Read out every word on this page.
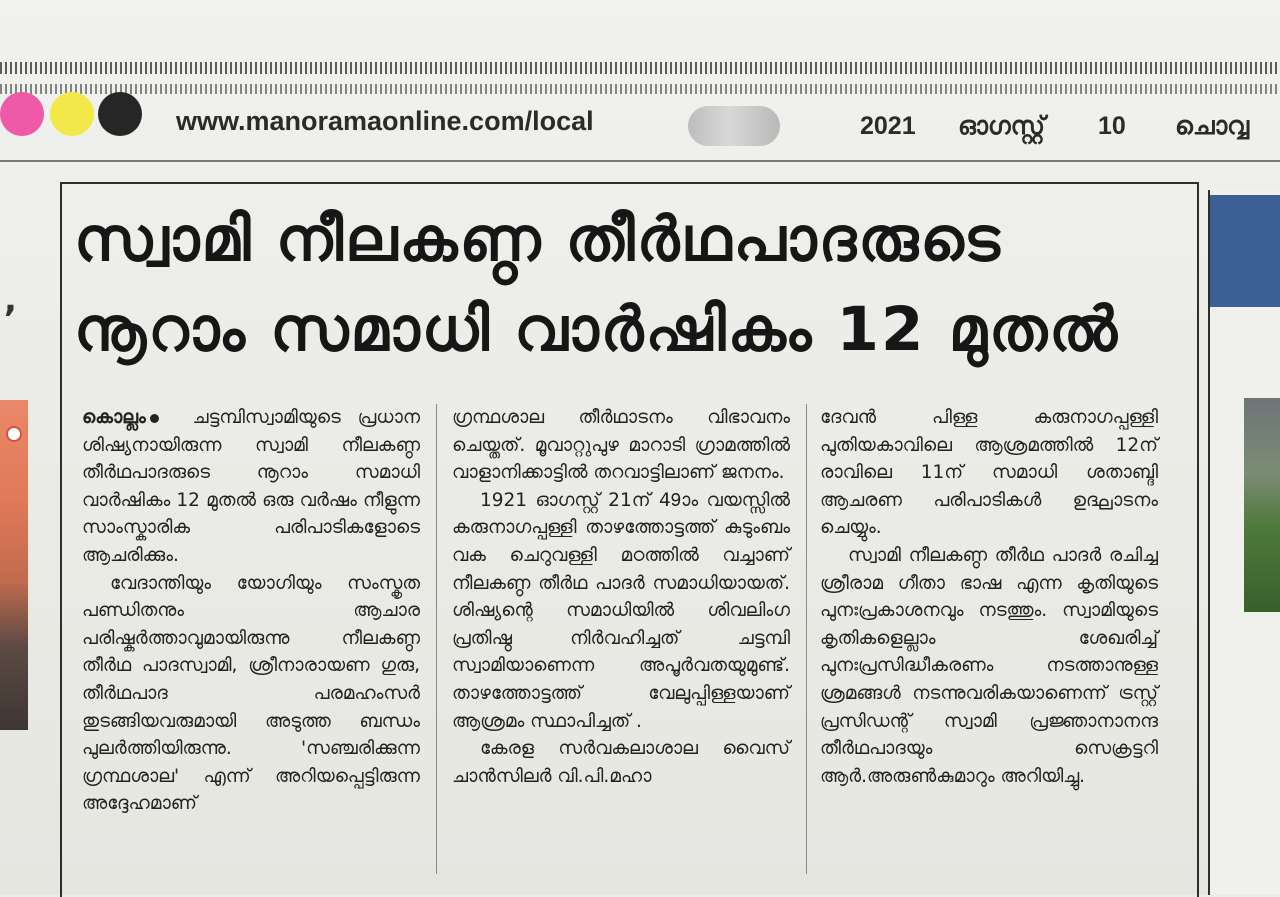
www.manoramaonline.com/local	2021 ഓഗസ്റ്റ് 10 ചൊവ്വ
,
സ്വാമി നീലകണ്ഠ തീർഥപാദരുടെ
നൂറാം സമാധി വാർഷികം 12 മുതൽ

കൊല്ലം	ചട്ടമ്പിസ്വാമിയുടെ പ്രധാന ശിഷ്യനായിരുന്ന സ്വാമി നീലകണ്ഠ തീർഥപാദരുടെ നൂറാം സമാധി വാർഷികം 12 മുതൽ ഒരു വർഷം നീളുന്ന സാംസ്കാരിക പരിപാടികളോടെ ആചരിക്കും.

വേദാന്തിയും യോഗിയും സംസ്കൃത പണ്ഡിതനും ആചാര പരിഷ്കർത്താവുമായിരുന്നു നീലകണ്ഠ തീർഥ പാദസ്വാമി, ശ്രീനാരായണ ഗുരു, തീർഥപാദ പരമഹംസർ തുടങ്ങിയവരുമായി അടുത്ത ബന്ധം പുലർത്തിയിരുന്നു. 'സഞ്ചരിക്കുന്ന ഗ്രന്ഥശാല' എന്ന് അറിയപ്പെട്ടിരുന്ന അദ്ദേഹമാണ്

ഗ്രന്ഥശാല തീർഥാടനം വിഭാവനം ചെയ്തത്. മൂവാറ്റുപുഴ മാറാടി ഗ്രാമത്തിൽ വാളാനിക്കാട്ടിൽ തറവാട്ടിലാണ് ജനനം.

1921 ഓഗസ്റ്റ് 21ന് 49ാം വയസ്സിൽ കരുനാഗപ്പള്ളി താഴത്തോട്ടത്ത് കുടുംബം വക ചെറുവള്ളി മഠത്തിൽ വച്ചാണ് നീലകണ്ഠ തീർഥ പാദർ സമാധിയായത്. ശിഷ്യന്റെ സമാധിയിൽ ശിവലിംഗ പ്രതിഷ്ഠ നിർവഹിച്ചത് ചട്ടമ്പി സ്വാമിയാണെന്ന അപൂർവതയുമുണ്ട്. താഴത്തോട്ടത്ത് വേലുപ്പിള്ളയാണ് ആശ്രമം സ്ഥാപിച്ചത് .

കേരള സർവകലാശാല വൈസ് ചാൻസിലർ വി.പി.മഹാ

ദേവൻ പിള്ള കരുനാഗപ്പള്ളി പുതിയകാവിലെ ആശ്രമത്തിൽ 12ന് രാവിലെ 11ന് സമാധി ശതാബ്ദി ആചരണ പരിപാടികൾ ഉദ്ഘാടനം ചെയ്യും.

സ്വാമി നീലകണ്ഠ തീർഥ പാദർ രചിച്ച ശ്രീരാമ ഗീതാ ഭാഷ എന്ന കൃതിയുടെ പുനഃപ്രകാശനവും നടത്തും. സ്വാമിയുടെ കൃതികളെല്ലാം ശേഖരിച്ച് പുനഃപ്രസിദ്ധീകരണം നടത്താനുള്ള ശ്രമങ്ങൾ നടന്നുവരികയാണെന്ന് ട്രസ്റ്റ് പ്രസിഡന്റ് സ്വാമി പ്രജ്ഞാനാനന്ദ തീർഥപാദയും സെക്രട്ടറി ആർ.അരുൺകുമാറും അറിയിച്ചു.
